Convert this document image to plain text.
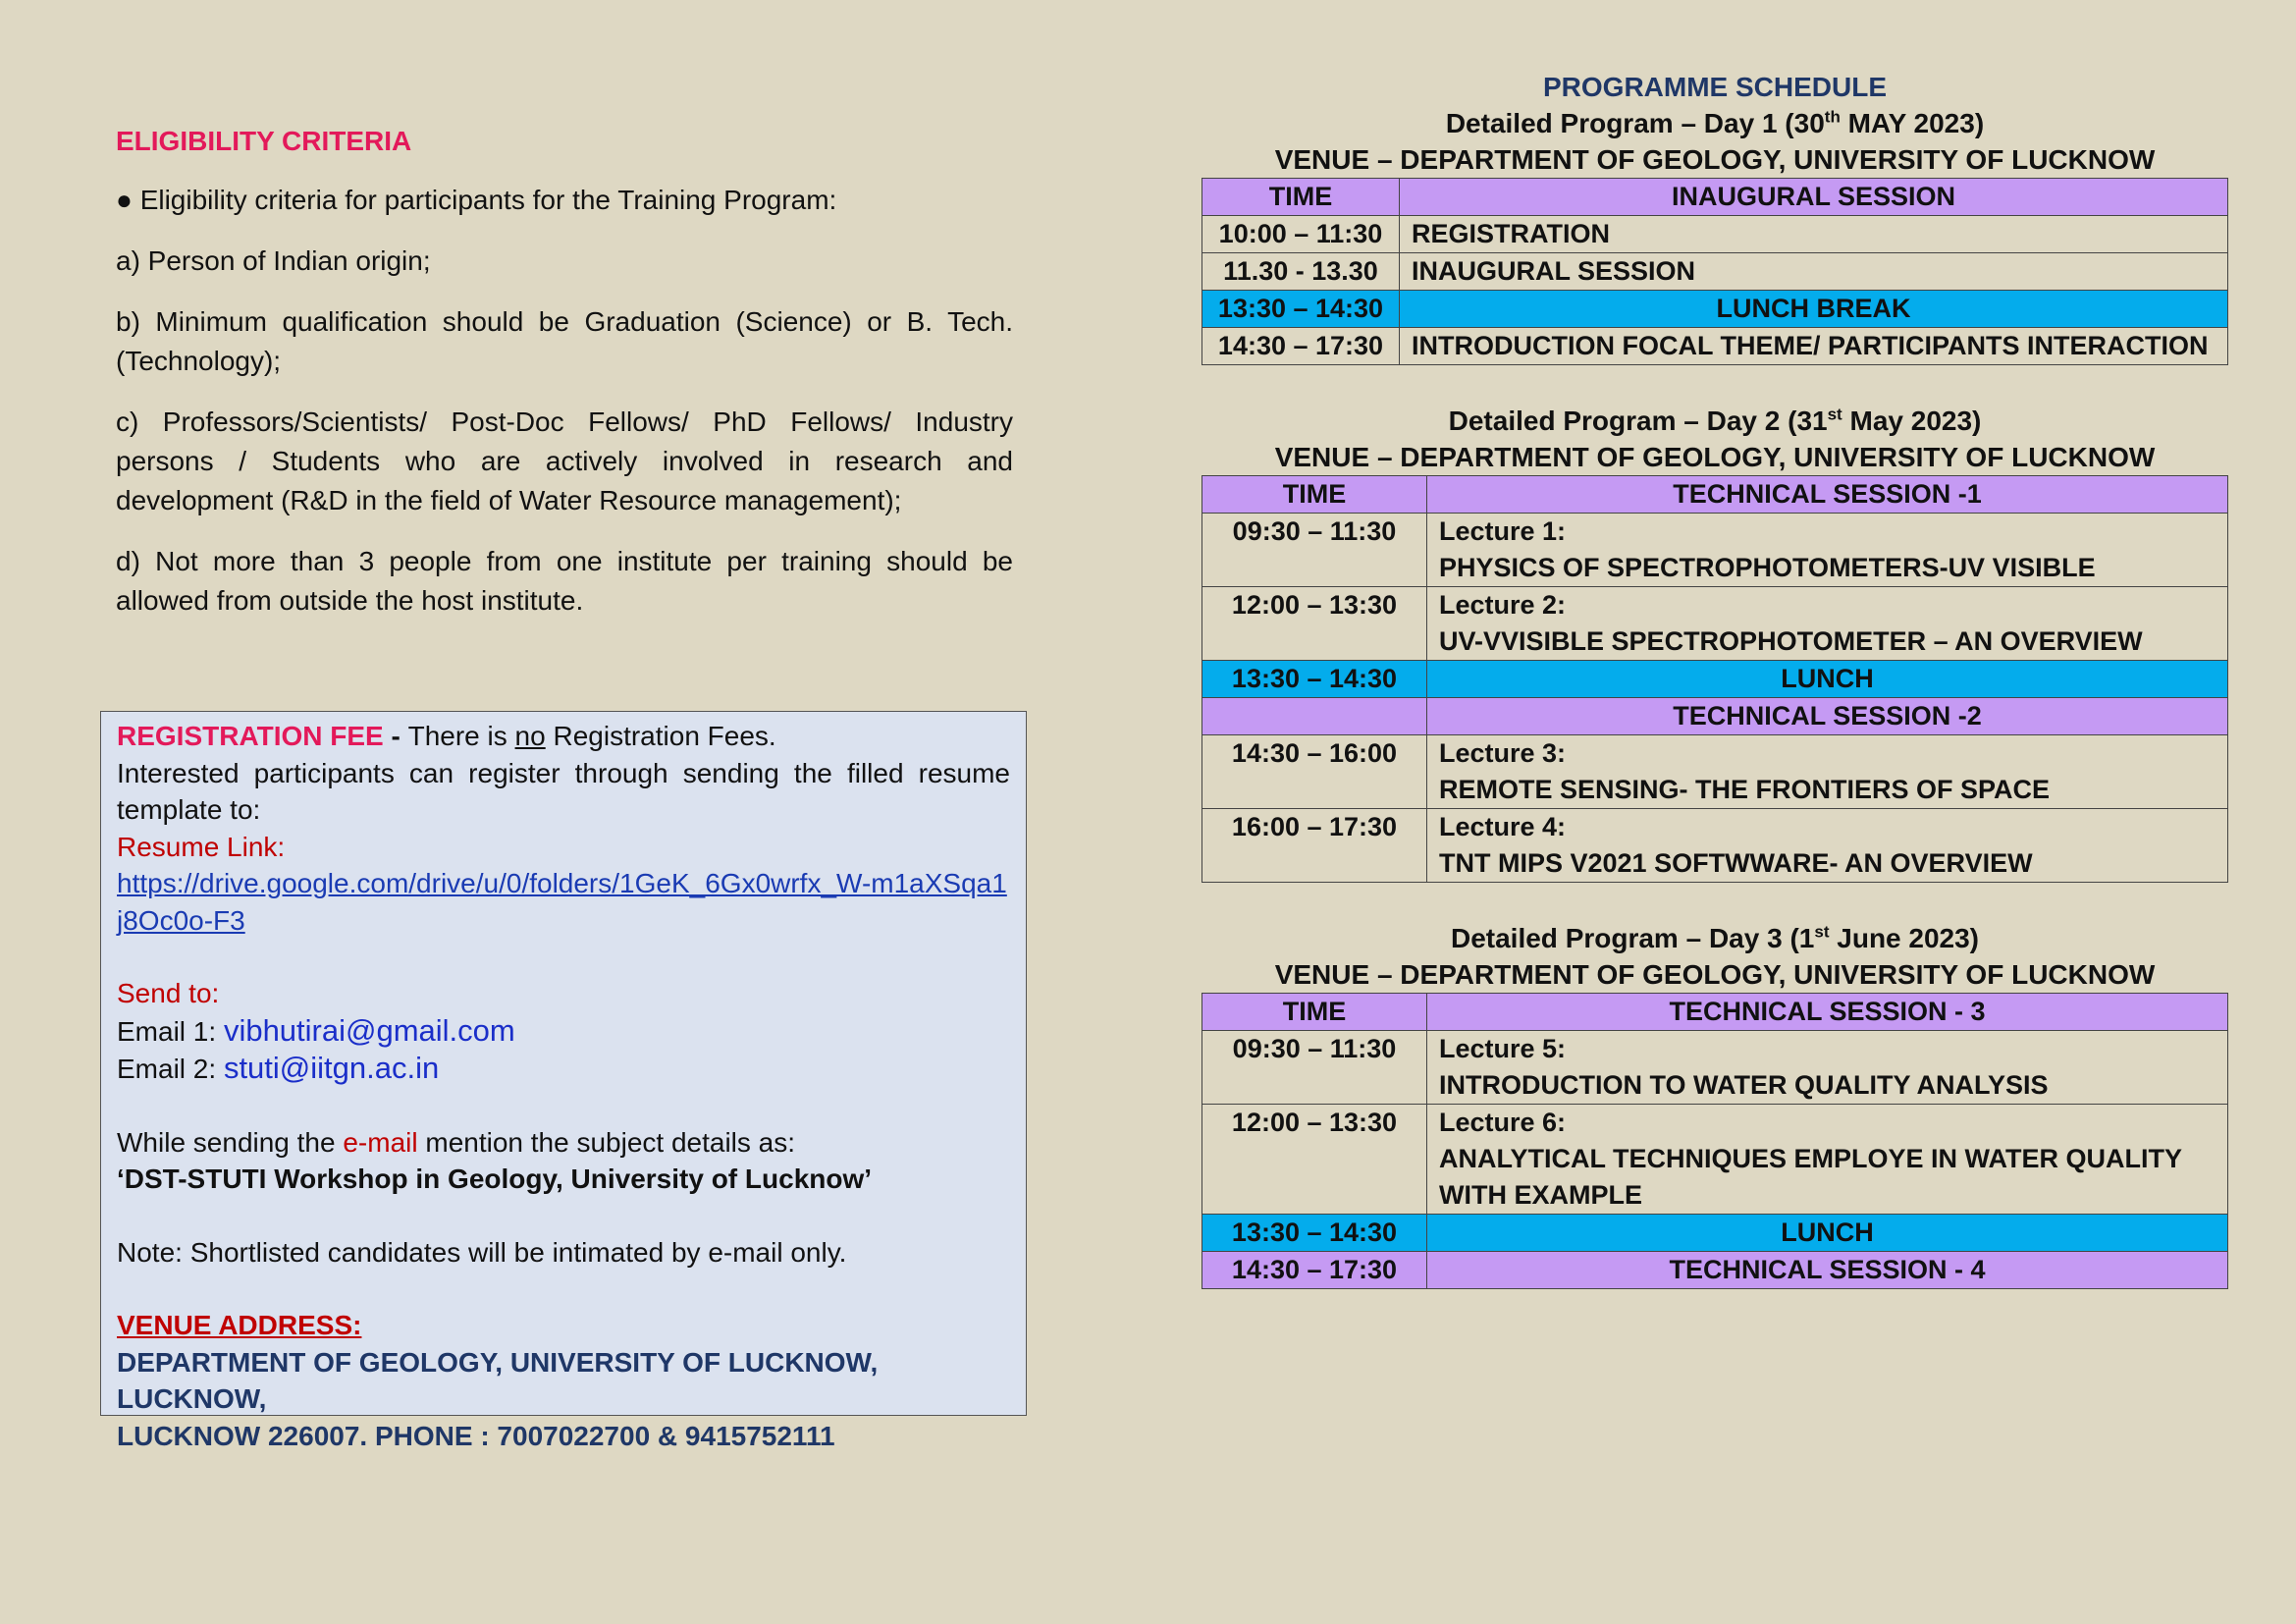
ELIGIBILITY CRITERIA

● Eligibility criteria for participants for the Training Program:

a) Person of Indian origin;

b) Minimum qualification should be Graduation (Science) or B. Tech. (Technology);

c) Professors/Scientists/ Post-Doc Fellows/ PhD Fellows/ Industry persons / Students who are actively involved in research and development (R&D in the field of Water Resource management);

d) Not more than 3 people from one institute per training should be allowed from outside the host institute.

REGISTRATION FEE - There is no Registration Fees.
Interested participants can register through sending the filled resume template to:
Resume Link:
https://drive.google.com/drive/u/0/folders/1GeK_6Gx0wrfx_W-m1aXSqa1j8Oc0o-F3
Send to:
Email 1: vibhutirai@gmail.com
Email 2: stuti@iitgn.ac.in
While sending the e-mail mention the subject details as:
‘DST-STUTI Workshop in Geology, University of Lucknow’
Note: Shortlisted candidates will be intimated by e-mail only.
VENUE ADDRESS:
DEPARTMENT OF GEOLOGY, UNIVERSITY OF LUCKNOW, LUCKNOW,
LUCKNOW 226007. PHONE : 7007022700 & 9415752111
PROGRAMME SCHEDULE
Detailed Program – Day 1 (30th MAY 2023)
VENUE – DEPARTMENT OF GEOLOGY, UNIVERSITY OF LUCKNOW
TIME	INAUGURAL SESSION
10:00 – 11:30	REGISTRATION
11.30 - 13.30	INAUGURAL SESSION
13:30 – 14:30	LUNCH BREAK
14:30 – 17:30	INTRODUCTION FOCAL THEME/ PARTICIPANTS INTERACTION
Detailed Program – Day 2 (31st May 2023)
VENUE – DEPARTMENT OF GEOLOGY, UNIVERSITY OF LUCKNOW
TIME	TECHNICAL SESSION -1
09:30 – 11:30	Lecture 1:
PHYSICS OF SPECTROPHOTOMETERS-UV VISIBLE

12:00 – 13:30	Lecture 2:
UV-VVISIBLE SPECTROPHOTOMETER – AN OVERVIEW

13:30 – 14:30	LUNCH
	TECHNICAL SESSION -2
14:30 – 16:00	Lecture 3:
REMOTE SENSING- THE FRONTIERS OF SPACE

16:00 – 17:30	Lecture 4:
TNT MIPS V2021 SOFTWWARE- AN OVERVIEW
Detailed Program – Day 3 (1st June 2023)
VENUE – DEPARTMENT OF GEOLOGY, UNIVERSITY OF LUCKNOW
TIME	TECHNICAL SESSION - 3
09:30 – 11:30	Lecture 5:
INTRODUCTION TO WATER QUALITY ANALYSIS

12:00 – 13:30	Lecture 6:
ANALYTICAL TECHNIQUES EMPLOYE IN WATER QUALITY
WITH EXAMPLE

13:30 – 14:30	LUNCH
14:30 – 17:30	TECHNICAL SESSION - 4
